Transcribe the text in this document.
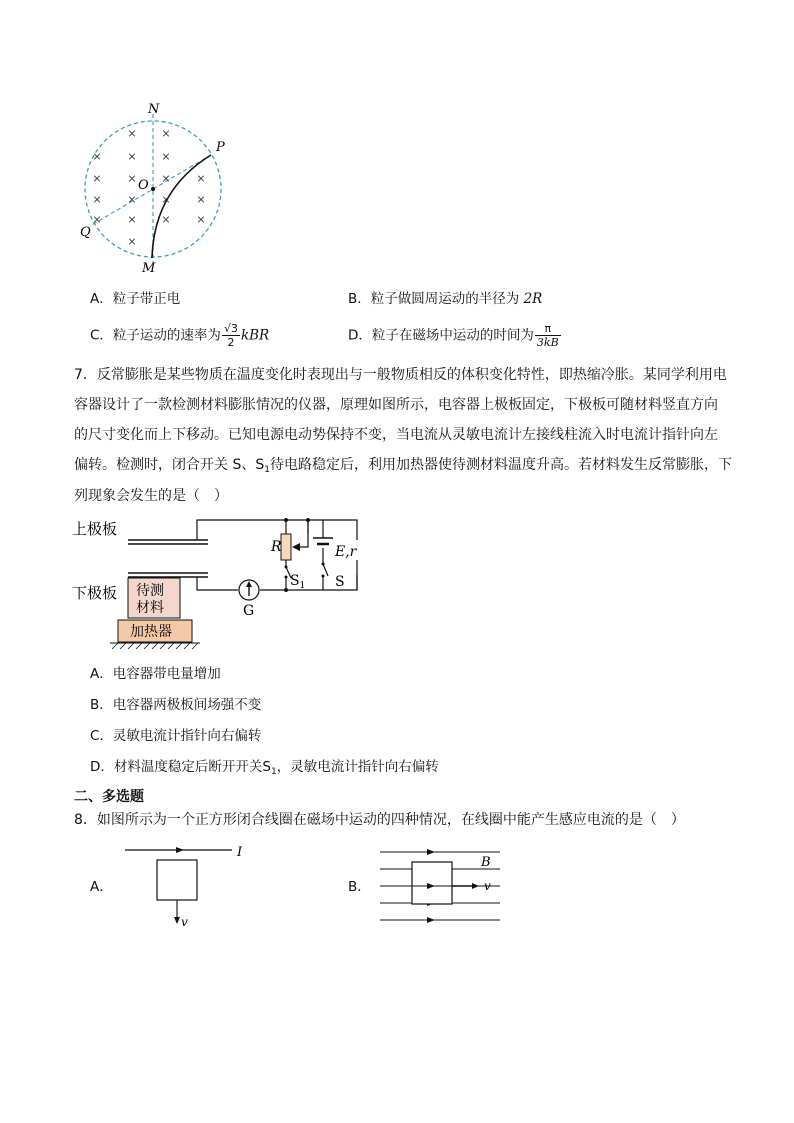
× ×
× × ×
× × × ×
× × × ×
× × × ×
×
N
P
O
Q
M
A．粒子带正电	B．粒子做圆周运动的半径为 2R
C．粒子运动的速率为 $\frac{√3}{2}$ kBR	D．粒子在磁场中运动的时间为 $\frac{\pi}{3kB}$
7．反常膨胀是某些物质在温度变化时表现出与一般物质相反的体积变化特性，即热缩冷胀。某同学利用电
容器设计了一款检测材料膨胀情况的仪器，原理如图所示，电容器上极板固定，下极板可随材料竖直方向
的尺寸变化而上下移动。已知电源电动势保持不变，当电流从灵敏电流计左接线柱流入时电流计指针向左
偏转。检测时，闭合开关 S、$S_1$待电路稳定后，利用加热器使待测材料温度升高。若材料发生反常膨胀，下
列现象会发生的是（　）
上极板
下极板 待测
材料
加热器
R	E,r
$S_1$ S
G
A．电容器带电量增加
B．电容器两极板间场强不变
C．灵敏电流计指针向右偏转
D．材料温度稳定后断开开关$S_1$，灵敏电流计指针向右偏转
二、多选题
8．如图所示为一个正方形闭合线圈在磁场中运动的四种情况，在线圈中能产生感应电流的是（　）
A．
I
v
B．
B
v
